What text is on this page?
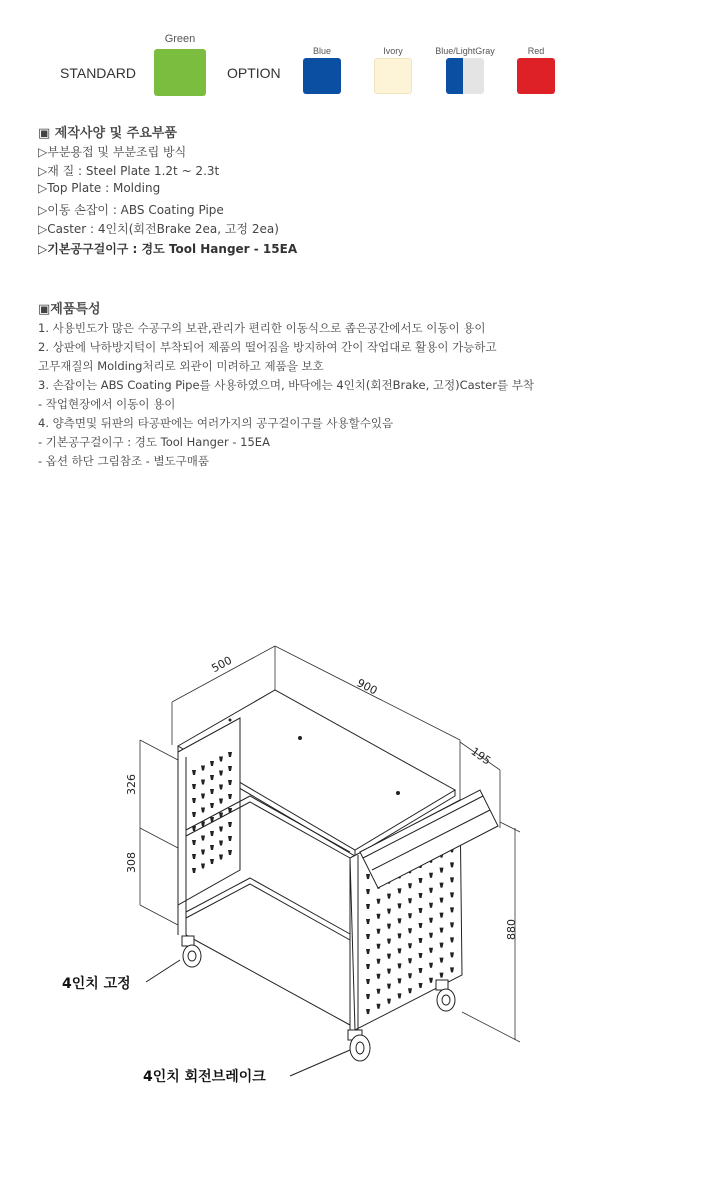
STANDARD
Green
OPTION
Blue	Ivory	Blue/LightGray	Red
▣ 제작사양 및 주요부품
▷부분용접 및 부분조립 방식
▷재 질 : Steel Plate 1.2t ~ 2.3t
▷Top Plate : Molding
▷이동 손잡이 : ABS Coating Pipe
▷Caster : 4인치(회전Brake 2ea, 고정 2ea)
▷기본공구걸이구 : 경도 Tool Hanger - 15EA
▣제품특성
1. 사용빈도가 많은 수공구의 보관,관리가 편리한 이동식으로 좁은공간에서도 이동이 용이
2. 상판에 낙하방지턱이 부착되어 제품의 떨어짐을 방지하여 간이 작업대로 활용이 가능하고
고무재질의 Molding처리로 외관이 미려하고 제품을 보호
3. 손잡이는 ABS Coating Pipe를 사용하였으며, 바닥에는 4인치(회전Brake, 고정)Caster를 부착
- 작업현장에서 이동이 용이
4. 양측면및 뒤판의 타공판에는 여러가지의 공구걸이구를 사용할수있음
- 기본공구걸이구 : 경도 Tool Hanger - 15EA
- 옵션 하단 그림참조 - 별도구매품
500
900
195
326
308
880
4인치 고정
4인치 회전브레이크
